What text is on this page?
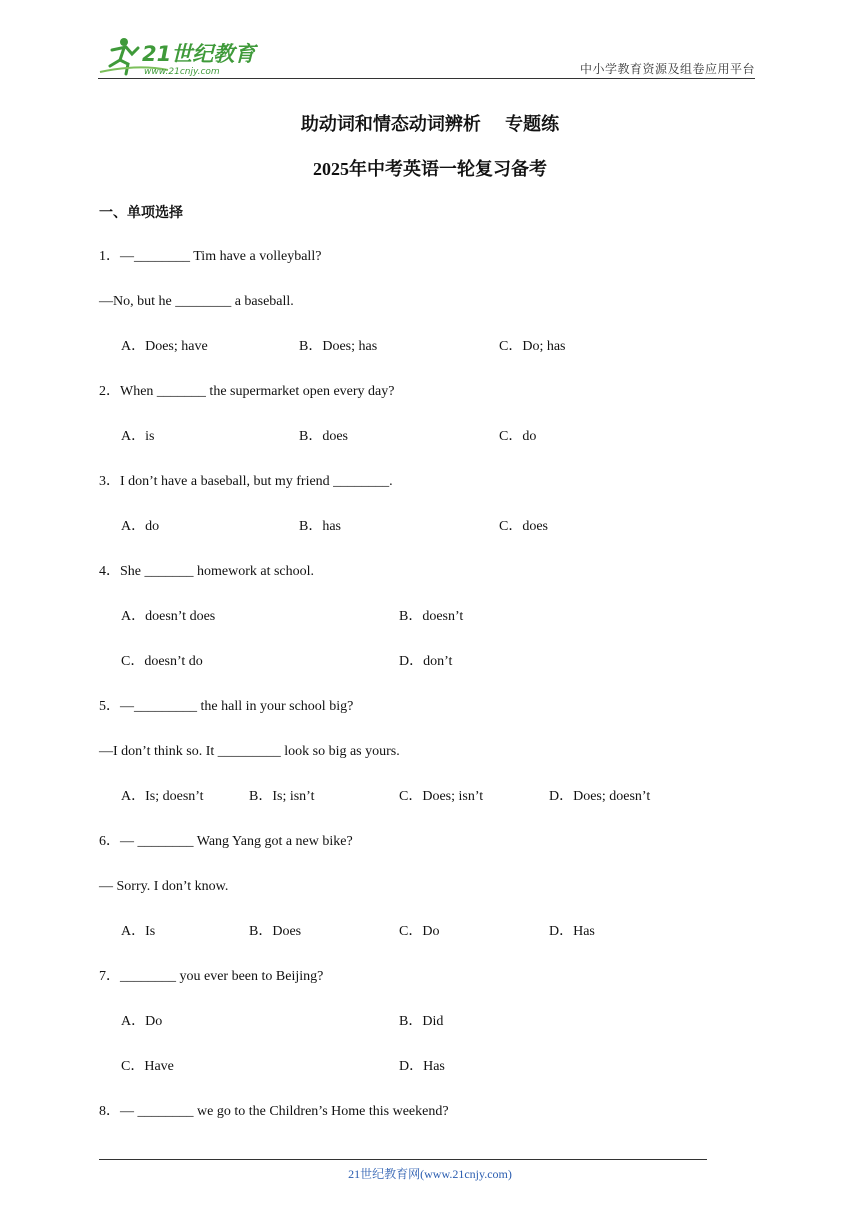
21世纪教育
www.21cnjy.com	中小学教育资源及组卷应用平台
助动词和情态动词辨析　 专题练
2025年中考英语一轮复习备考
一、单项选择
1．—________ Tim have a volleyball?
—No, but he ________ a baseball.
A．Does; have	B．Does; has	C．Do; has
2．When _______ the supermarket open every day?
A．is	B．does	C．do
3．I don’t have a baseball, but my friend ________.
A．do	B．has	C．does
4．She _______ homework at school.
A．doesn’t does	B．doesn’t
C．doesn’t do	D．don’t
5．—_________ the hall in your school big?
—I don’t think so. It _________ look so big as yours.
A．Is; doesn’t	B．Is; isn’t	C．Does; isn’t	D．Does; doesn’t
6．— ________ Wang Yang got a new bike?
— Sorry. I don’t know.
A．Is	B．Does	C．Do	D．Has
7．________ you ever been to Beijing?
A．Do	B．Did
C．Have	D．Has
8．— ________ we go to the Children’s Home this weekend?
21世纪教育网(www.21cnjy.com)
